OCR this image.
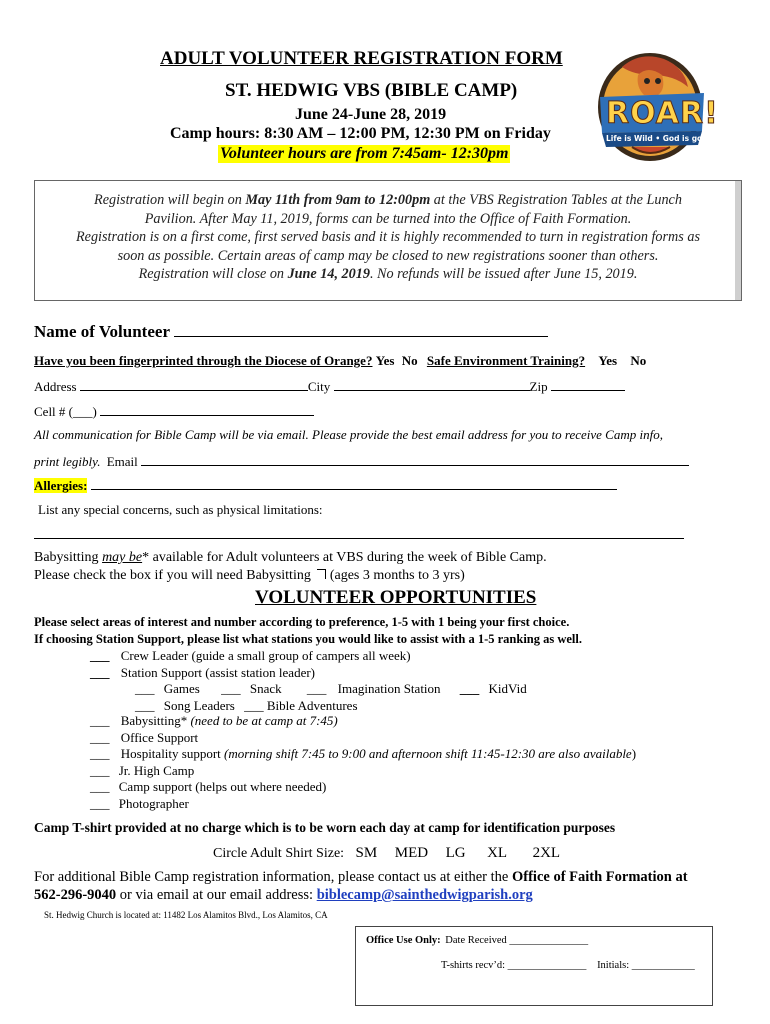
ADULT VOLUNTEER REGISTRATION FORM
ST. HEDWIG VBS (BIBLE CAMP)
June 24-June 28, 2019
Camp hours: 8:30 AM – 12:00 PM, 12:30 PM on Friday
Volunteer hours are from 7:45am- 12:30pm
ROAR!
Life is Wild • God is good
Registration will begin on May 11th from 9am to 12:00pm at the VBS Registration Tables at the Lunch
Pavilion. After May 11, 2019, forms can be turned into the Office of Faith Formation.
Registration is on a first come, first served basis and it is highly recommended to turn in registration forms as
soon as possible. Certain areas of camp may be closed to new registrations sooner than others.
Registration will close on June 14, 2019. No refunds will be issued after June 15, 2019.
Name of Volunteer
Have you been fingerprinted through the Diocese of Orange? Yes No Safe Environment Training? Yes No
Address	City	Zip
Cell # (___)
All communication for Bible Camp will be via email. Please provide the best email address for you to receive Camp info,
print legibly. Email
Allergies:
List any special concerns, such as physical limitations:
Babysitting may be* available for Adult volunteers at VBS during the week of Bible Camp.
Please check the box if you will need Babysitting (ages 3 months to 3 yrs)
VOLUNTEER OPPORTUNITIES
Please select areas of interest and number according to preference, 1-5 with 1 being your first choice.
If choosing Station Support, please list what stations you would like to assist with a 1-5 ranking as well.
___ Crew Leader (guide a small group of campers all week)
___ Station Support (assist station leader)
___ Games ___ Snack ___ Imagination Station ___ KidVid
___ Song Leaders ___ Bible Adventures
___ Babysitting* (need to be at camp at 7:45)
___ Office Support
___ Hospitality support (morning shift 7:45 to 9:00 and afternoon shift 11:45-12:30 are also available)
___ Jr. High Camp
___ Camp support (helps out where needed)
___ Photographer
Camp T-shirt provided at no charge which is to be worn each day at camp for identification purposes
Circle Adult Shirt Size: SM MED LG XL 2XL
For additional Bible Camp registration information, please contact us at either the Office of Faith Formation at
562-296-9040 or via email at our email address: biblecamp@sainthedwigparish.org
St. Hedwig Church is located at: 11482 Los Alamitos Blvd., Los Alamitos, CA
Office Use Only: Date Received _______________
T-shirts recv’d: _______________ Initials: ____________
